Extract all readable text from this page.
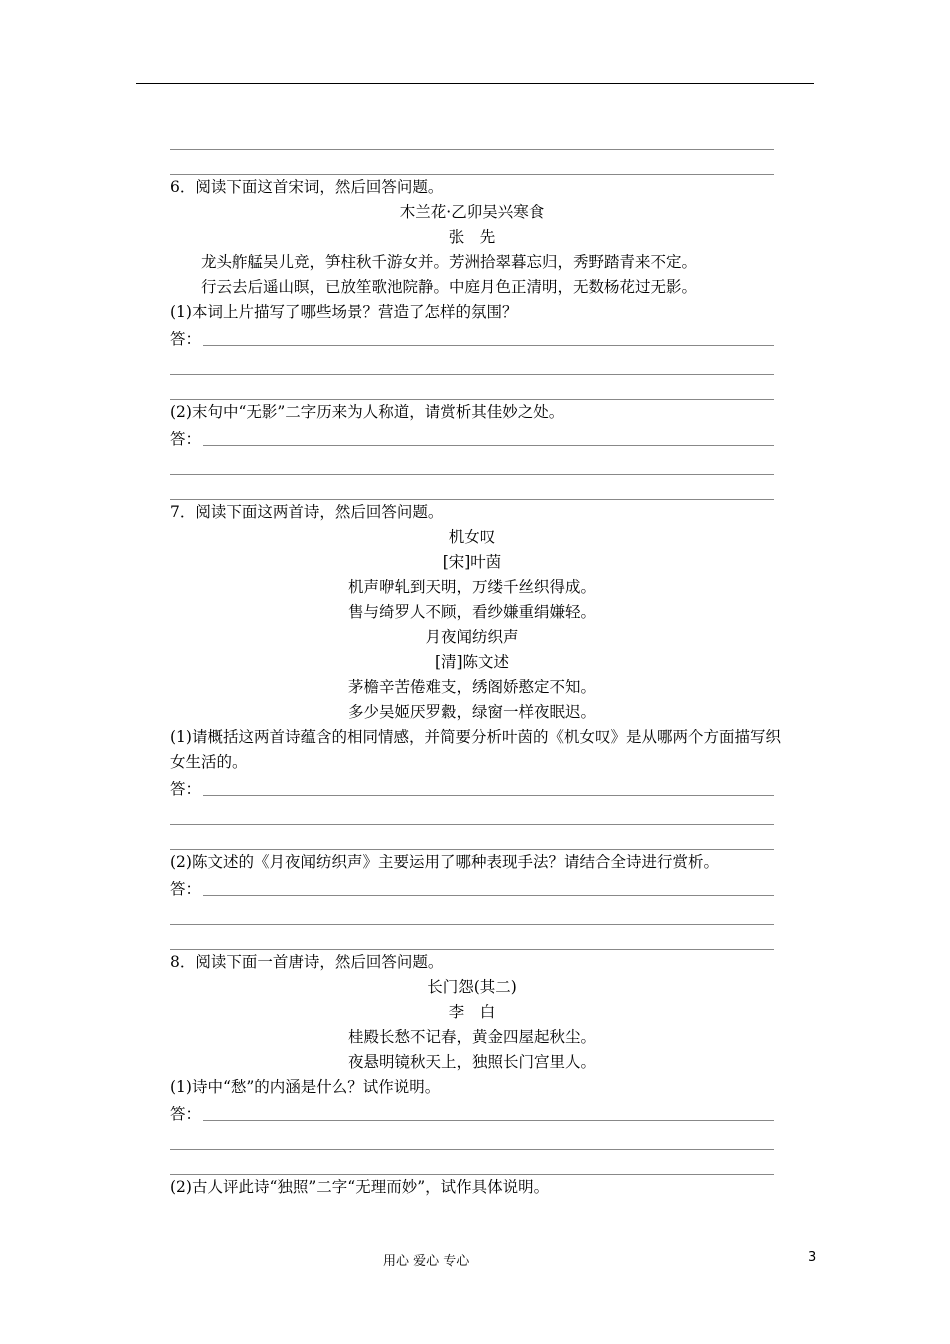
6．阅读下面这首宋词，然后回答问题。
木兰花·乙卯吴兴寒食
张　先
龙头舴艋吴儿竞，笋柱秋千游女并。芳洲拾翠暮忘归，秀野踏青来不定。
行云去后遥山暝，已放笙歌池院静。中庭月色正清明，无数杨花过无影。
(1)本词上片描写了哪些场景？营造了怎样的氛围？
答：
(2)末句中“无影”二字历来为人称道，请赏析其佳妙之处。
答：
7．阅读下面这两首诗，然后回答问题。
机女叹
[宋]叶茵
机声咿轧到天明，万缕千丝织得成。
售与绮罗人不顾，看纱嫌重绢嫌轻。
月夜闻纺织声
[清]陈文述
茅檐辛苦倦难支，绣阁娇憨定不知。
多少吴姬厌罗縠，绿窗一样夜眠迟。
(1)请概括这两首诗蕴含的相同情感，并简要分析叶茵的《机女叹》是从哪两个方面描写织
女生活的。
答：
(2)陈文述的《月夜闻纺织声》主要运用了哪种表现手法？请结合全诗进行赏析。
答：
8．阅读下面一首唐诗，然后回答问题。
长门怨(其二)
李　白
桂殿长愁不记春，黄金四屋起秋尘。
夜悬明镜秋天上，独照长门宫里人。
(1)诗中“愁”的内涵是什么？试作说明。
答：
(2)古人评此诗“独照”二字“无理而妙”，试作具体说明。
用心 爱心 专心	3
